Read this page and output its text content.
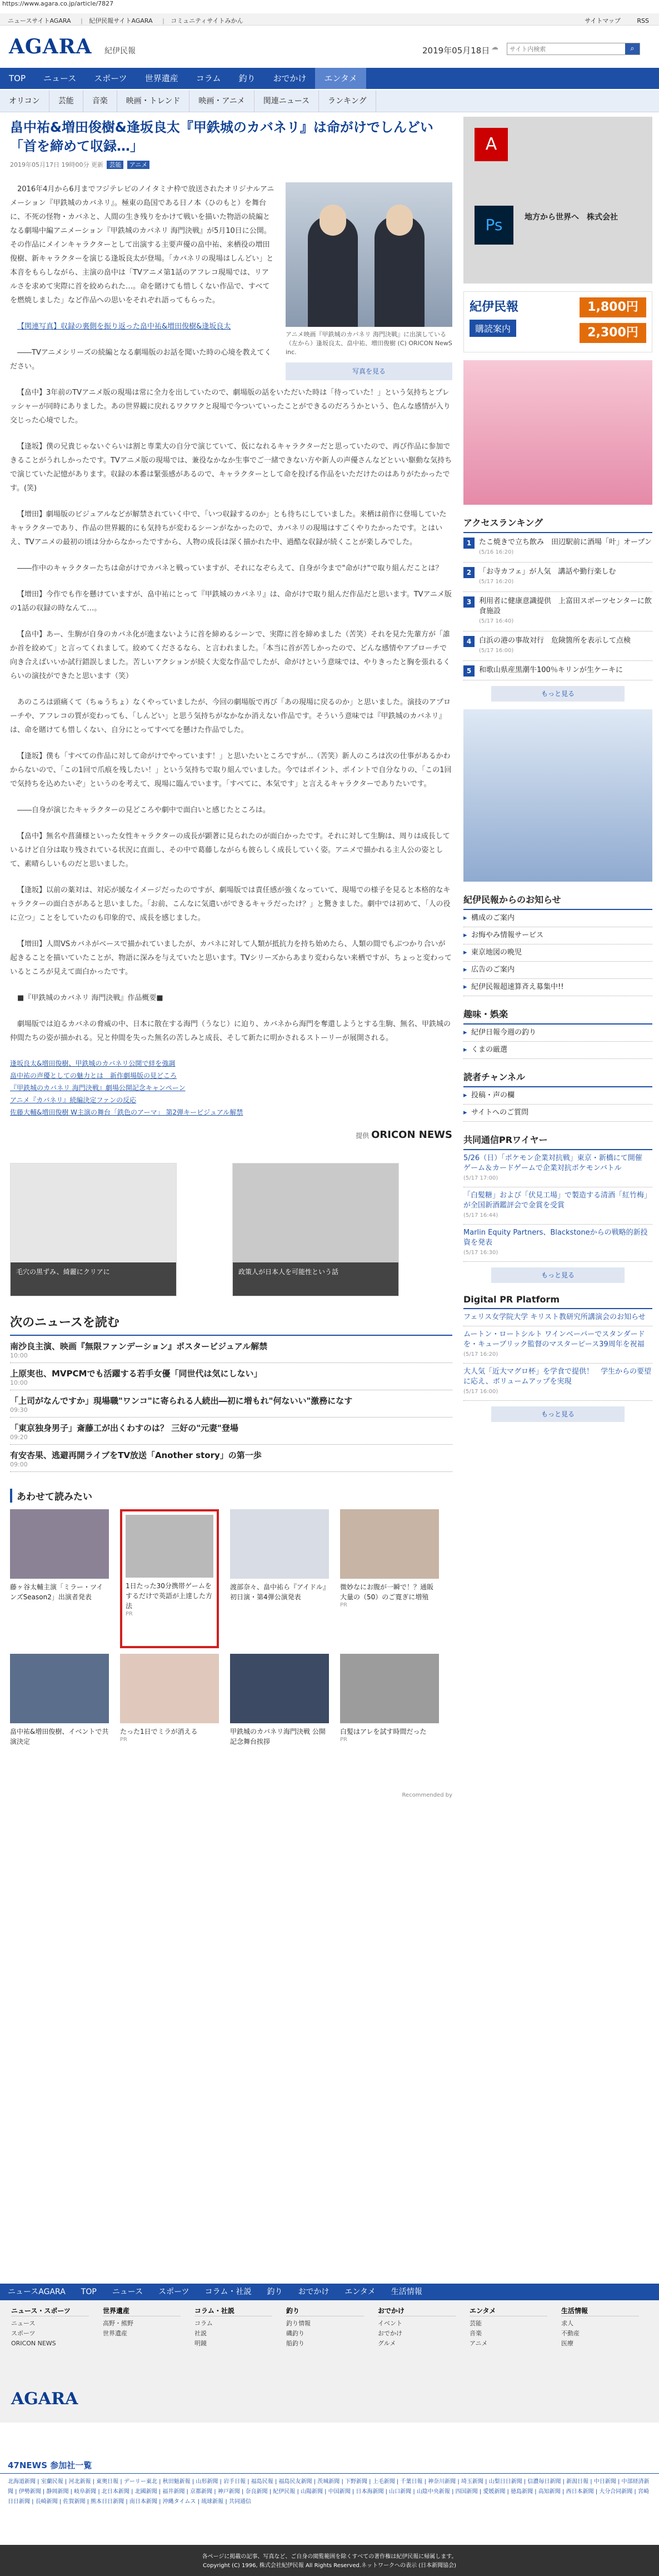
https://www.agara.co.jp/article/7827
ニュースサイトAGARA | 紀伊民報サイトAGARA | コミュニティサイトみかん	サイトマップ	RSS
AGARA 紀伊民報	2019年05月18日 ☁
サイト内検索	⌕
TOP ニュース スポーツ 世界遺産 コラム 釣り おでかけ エンタメ
オリコン 芸能 音楽 映画・トレンド 映画・アニメ 関連ニュース ランキング
畠中祐&増田俊樹&逢坂良太『甲鉄城のカバネリ』は命がけでしんどい「首を締めて収録…」
2019年05月17日 19時00分 更新 芸能 アニメ

アニメ映画『甲鉄城のカバネリ 海門決戦』に出演している（左から）逢坂良太、畠中祐、増田俊樹 (C) ORICON NewS inc.
写真を見る

2016年4月から6月までフジテレビのノイタミナ枠で放送されたオリジナルアニメーション『甲鉄城のカバネリ』。極東の島国である日ノ本（ひのもと）を舞台に、不死の怪物・カバネと、人間の生き残りをかけて戦いを描いた物語の続編となる劇場中編アニメーション『甲鉄城のカバネリ 海門決戦』が5月10日に公開。その作品にメインキャラクターとして出演する主要声優の畠中祐、来栖役の増田俊樹、新キャラクターを演じる逢坂良太が登場。「カバネリの現場はしんどい」と本音をもらしながら、主演の畠中は「TVアニメ第1話のアフレコ現場では、リアルさを求めて実際に首を絞められた…。命を賭けても惜しくない作品で、すべてを燃焼しました」など作品への思いをそれぞれ語ってもらった。

【関連写真】収録の裏側を振り返った畠中祐&増田俊樹&逢坂良太

――TVアニメシリーズの続編となる劇場版のお話を聞いた時の心境を教えてください。

【畠中】3年前のTVアニメ版の現場は常に全力を出していたので、劇場版の話をいただいた時は「待っていた！」という気持ちとプレッシャーが同時にありました。あの世界観に戻れるワクワクと現場で今ついていったことができるのだろうかという、色んな感情が入り交じった心境でした。

【逢坂】僕の兄貴じゃないぐらいは割と専業大の自分で演じていて、仮になれるキャラクターだと思っていたので、再び作品に参加できることがうれしかったです。TVアニメ版の現場では、兼役なかなか生事でご一緒できない方や新人の声優さんなどといい駆動な気持ちで演じていた記憶があります。収録の本番は緊張感があるので、キャラクターとして命を投げる作品をいただけたのはありがたかったです。(笑)

【増田】劇場版のビジュアルなどが解禁されていく中で、「いつ収録するのか」とも待ちにしていました。来栖は前作に登場していたキャラクターであり、作品の世界観的にも気持ちが変わるシーンがなかったので、カバネリの現場はすごくやりたかったです。とはいえ、TVアニメの最初の頃は分からなかったですから、人物の成長は深く描かれた中、過酷な収録が続くことが楽しみでした。

――作中のキャラクターたちは命がけでカバネと戦っていますが、それになぞらえて、自身が今まで"命がけ"で取り組んだことは？

【増田】今作でも作を懸けていますが、畠中祐にとって『甲鉄城のカバネリ』は、命がけで取り組んだ作品だと思います。TVアニメ版の1話の収録の時なんて…。

【畠中】あー、生駒が自身のカバネ化が進まないように首を締めるシーンで、実際に首を締めました（苦笑）それを見た先輩方が「誰か首を絞めて」と言ってくれまして。絞めてくださるなら、と言われました。「本当に首が苦しかったので、どんな感情やアプローチで向き合えばいいか試行錯誤しました。苦しいアクションが続く大変な作品でしたが、命がけという意味では、やりきったと胸を張れるくらいの演技ができたと思います（笑）

あのころは頭痛くて（ちゅうちょ）なくやっていましたが、今回の劇場版で再び「あの現場に戻るのか」と思いました。演技のアプローチや、アフレコの質が変わっても、「しんどい」と思う気持ちがなかなか消えない作品です。そういう意味では『甲鉄城のカバネリ』は、命を賭けても惜しくない、自分にとってすべてを懸けた作品でした。

【逢坂】僕も「すべての作品に対して命がけでやっています！」と思いたいところですが…（苦笑）新人のころは次の仕事があるかわからないので、「この1回で爪痕を残したい！」という気持ちで取り組んでいました。今ではポイント、ポイントで自分なりの、「この1回で気持ちを込めたいぞ」というのを考えて、現場に臨んでいます。「すべてに、本気です」と言えるキャラクターでありたいです。

――自身が演じたキャラクターの見どころや劇中で面白いと感じたところは。

【畠中】無名や菖蒲様といった女性キャラクターの成長が顕著に見られたのが面白かったです。それに対して生駒は、周りは成長しているけど自分は取り残されている状況に直面し、その中で葛藤しながらも彼らしく成長していく姿。アニメで描かれる主人公の姿として、素晴らしいものだと思いました。

【逢坂】以前の薬対は、対応が緩なイメージだったのですが、劇場版では責任感が強くなっていて、現場での様子を見ると本格的なキャラクターの面白さがあると思いました。「お前、こんなに気遣いができるキャラだったけ？」と驚きました。劇中では初めて、「人の役に立つ」ことをしていたのも印象的で、成長を感じました。

【増田】人間VSカバネがベースで描かれていましたが、カバネに対して人類が抵抗力を持ち始めたら、人類の間でもぶつかり合いが起きることを描いていたことが、物語に深みを与えていたと思います。TVシリーズからあまり変わらない来栖ですが、ちょっと変わっているところが見えて面白かったです。

■『甲鉄城のカバネリ 海門決戦』作品概要■

劇場版では迫るカバネの脅威の中、日本に散在する海門（うなじ）に迫り、カバネから海門を奪還しようとする生駒、無名、甲鉄城の仲間たちの姿が描かれる。兄と仲間を失った無名の苦しみと成長、そして新たに明かされるストーリーが展開される。

逢坂良太&増田俊樹、甲鉄城のカバネリ公開で絆を強調
畠中祐の声優としての魅力とは　新作劇場版の見どころ
『甲鉄城のカバネリ 海門決戦』劇場公開記念キャンペーン
アニメ『カバネリ』続編決定ファンの反応
佐藤大輔&増田俊樹 W主演の舞台「鉄色のアーマ」 第2弾キービジュアル解禁
提供 ORICON NEWS
毛穴の黒ずみ、綺麗にクリアに	政策人が日本人を可能性という話
次のニュースを読む
南沙良主演、映画『無限ファンデーション』ポスタービジュアル解禁
10:00
上原実也、MVPCMでも活躍する若手女優「同世代は気にしない」
10:00
「上司がなんですか」現場職"ワンコ"に寄られる人続出―初に増もれ"何ないい"激務になす
09:30
「東京独身男子」斎藤工が出くわすのは？ 三好の"元妻"登場
09:20
有安杏果、逃避再開ライブをTV放送「Another story」の第一歩
09:00
あわせて読みたい
藤ヶ谷太輔主演「ミラー・ツインズSeason2」出演者発表
1日たった30分携帯ゲームをするだけで英語が上達した方法
PR
渡部奈々、畠中祐ら『アイドル』初日演・第4弾公演発表
微妙なにお腹が一瞬で！？通販大量の（50）のご寛ぎに増殖
PR
畠中祐&増田俊樹、イベントで共演決定
たった1日でミラが消える
PR
甲鉄城のカバネリ海門決戦 公開記念舞台挨拶
白髪はアレを試す時間だった
PR
Recommended by
A
Ps	地方から世界へ　株式会社
紀伊民報
購読案内
1,800円
2,300円
アクセスランキング
1	たこ焼きで立ち飲み　田辺駅前に酒場「叶」オープン
(5/16 16:20)
2	「お寺カフェ」が人気　講話や勤行楽しむ
(5/17 16:20)
3	利用者に健康意識提供　上富田スポーツセンターに飲食施設
(5/17 16:40)
4	白浜の港の事故対行　危険箇所を表示して点検
(5/17 16:00)
5	和歌山県産黒潮牛100％キリンが生ケーキに
もっと見る
紀伊民報からのお知らせ
▸ 構成のご案内
▸ お悔やみ情報サービス
▸ 東京地図の晩児
▸ 広告のご案内
▸ 紀伊民報超速算斉え募集中!!
趣味・娯楽
▸ 紀伊日報今週の釣り
▸ くまの厳選
読者チャンネル
▸ 投稿・声の欄
▸ サイトへのご質問
共同通信PRワイヤー
5/26（日）「ポケモン企業対抗戦」東京・新橋にて開催　ゲーム＆カードゲームで企業対抗ポケモンバトル
(5/17 17:00)
「白髪糖」および「伏見工場」で製造する清酒「紅竹梅」が全国新酒鑑評会で金賞を受賞
(5/17 16:44)
Marlin Equity Partners、Blackstoneからの戦略的新投資を発表
(5/17 16:30)
もっと見る
Digital PR Platform
フェリス女学院大学 キリスト教研究所講演会のお知らせ
ムートン・ロートシルト ワインベーパーでスタンダードを・キューブリック監督のマスターピース39周年を祝福
(5/17 16:20)
大人気「近大マグロ杯」を学食で提供！　学生からの要望に応え、ボリュームアップを実現
(5/17 16:00)
もっと見る
ニュースAGARA TOP ニュース スポーツ コラム・社説 釣り おでかけ エンタメ 生活情報
ニュース・スポーツ
ニュース
スポーツ
ORICON NEWS
世界遺産
高野・熊野
世界遺産
コラム・社説
コラム
社説
明鏡
釣り
釣り情報
磯釣り
船釣り
おでかけ
イベント
おでかけ
グルメ
エンタメ
芸能
音楽
アニメ
生活情報
求人
不動産
医療
AGARA
47NEWS 参加社一覧
北海道新聞 | 室蘭民報 | 河北新報 | 東奥日報 | デーリー東北 | 秋田魁新報 | 山形新聞 | 岩手日報 | 福島民報 | 福島民友新聞 | 茨城新聞 | 下野新聞 | 上毛新聞 | 千葉日報 | 神奈川新聞 | 埼玉新聞 | 山梨日日新聞 | 信濃毎日新聞 | 新潟日報 | 中日新聞 | 中部経済新聞 | 伊勢新聞 | 静岡新聞 | 岐阜新聞 | 北日本新聞 | 北國新聞 | 福井新聞 | 京都新聞 | 神戸新聞 | 奈良新聞 | 紀伊民報 | 山陽新聞 | 中国新聞 | 日本海新聞 | 山口新聞 | 山陰中央新報 | 四国新聞 | 愛媛新聞 | 徳島新聞 | 高知新聞 | 西日本新聞 | 大分合同新聞 | 宮崎日日新聞 | 長崎新聞 | 佐賀新聞 | 熊本日日新聞 | 南日本新聞 | 沖縄タイムス | 琉球新報 | 共同通信
各ページに掲載の記事、写真など、ご自身の閲覧範囲を除くすべての著作権は紀伊民報に帰属します。
Copyright (C) 1996, 株式会社紀伊民報 All Rights Reserved.ネットワークへの表示 (日本新聞協会)
